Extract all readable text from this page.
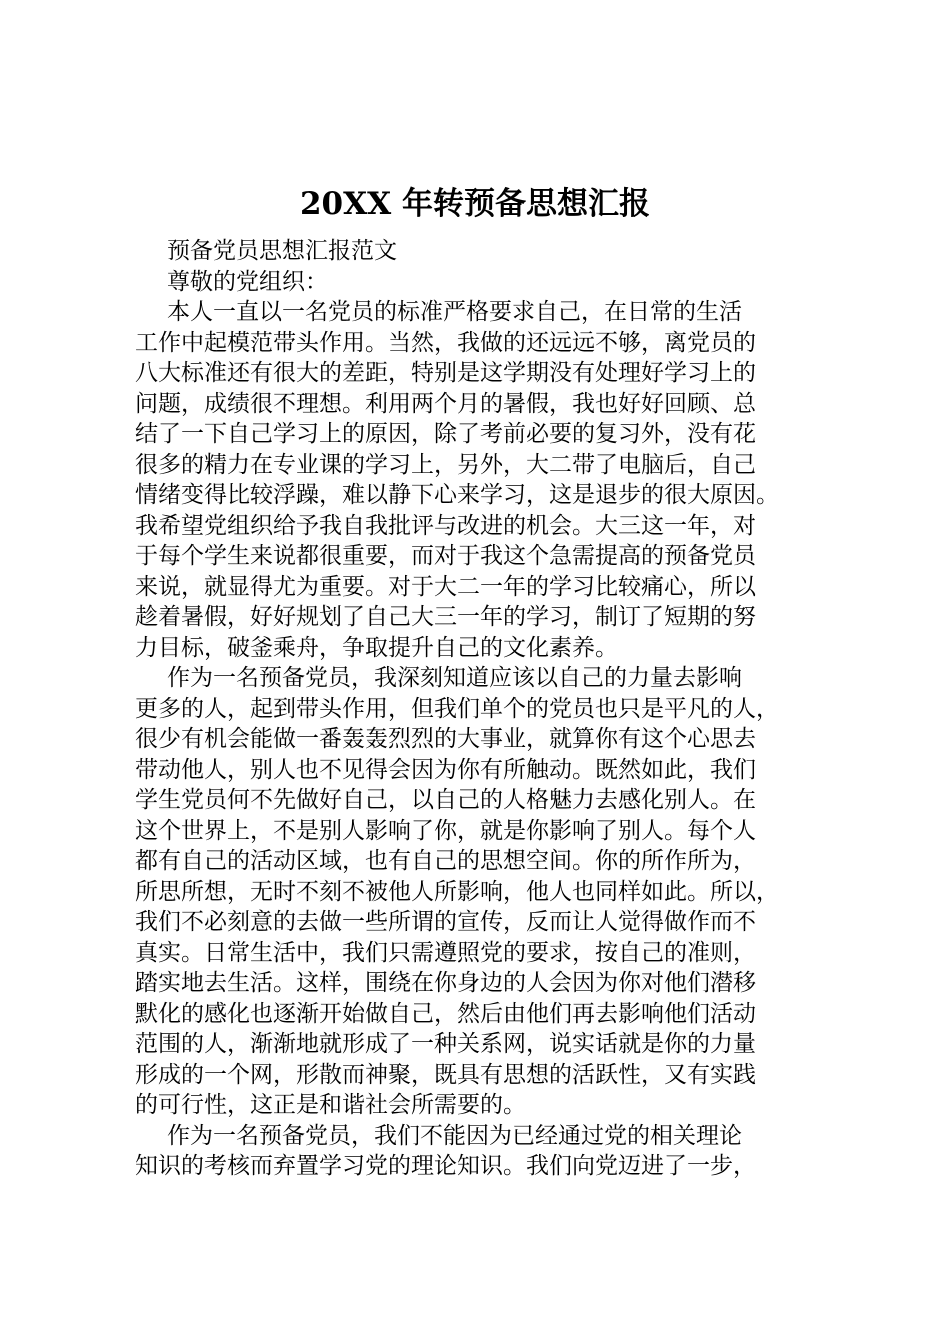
20XX 年转预备思想汇报
预备党员思想汇报范文
尊敬的党组织：
本人一直以一名党员的标准严格要求自己，在日常的生活
工作中起模范带头作用。当然，我做的还远远不够，离党员的
八大标准还有很大的差距，特别是这学期没有处理好学习上的
问题，成绩很不理想。利用两个月的暑假，我也好好回顾、总
结了一下自己学习上的原因，除了考前必要的复习外，没有花
很多的精力在专业课的学习上，另外，大二带了电脑后，自己
情绪变得比较浮躁，难以静下心来学习，这是退步的很大原因。
我希望党组织给予我自我批评与改进的机会。大三这一年，对
于每个学生来说都很重要，而对于我这个急需提高的预备党员
来说，就显得尤为重要。对于大二一年的学习比较痛心，所以
趁着暑假，好好规划了自己大三一年的学习，制订了短期的努
力目标，破釜乘舟，争取提升自己的文化素养。
作为一名预备党员，我深刻知道应该以自己的力量去影响
更多的人，起到带头作用，但我们单个的党员也只是平凡的人，
很少有机会能做一番轰轰烈烈的大事业，就算你有这个心思去
带动他人，别人也不见得会因为你有所触动。既然如此，我们
学生党员何不先做好自己，以自己的人格魅力去感化别人。在
这个世界上，不是别人影响了你，就是你影响了别人。每个人
都有自己的活动区域，也有自己的思想空间。你的所作所为，
所思所想，无时不刻不被他人所影响，他人也同样如此。所以，
我们不必刻意的去做一些所谓的宣传，反而让人觉得做作而不
真实。日常生活中，我们只需遵照党的要求，按自己的准则，
踏实地去生活。这样，围绕在你身边的人会因为你对他们潜移
默化的感化也逐渐开始做自己，然后由他们再去影响他们活动
范围的人，渐渐地就形成了一种关系网，说实话就是你的力量
形成的一个网，形散而神聚，既具有思想的活跃性，又有实践
的可行性，这正是和谐社会所需要的。
作为一名预备党员，我们不能因为已经通过党的相关理论
知识的考核而弃置学习党的理论知识。我们向党迈进了一步，
